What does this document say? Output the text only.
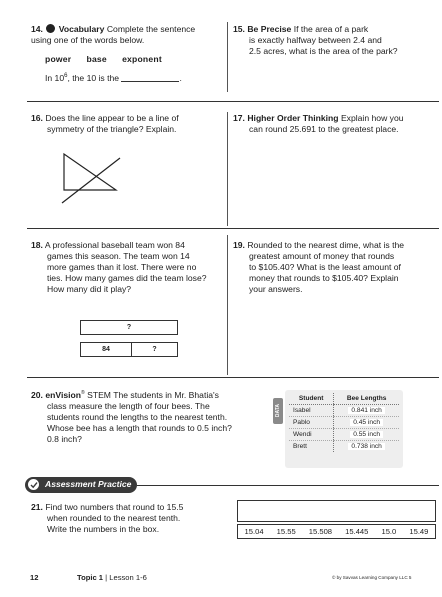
14. Vocabulary Complete the sentence
using one of the words below.
power base exponent
In $10^6$, the 10 is the	.
15. Be Precise If the area of a park
is exactly halfway between 2.4 and
2.5 acres, what is the area of the park?
16. Does the line appear to be a line of
symmetry of the triangle? Explain.
17. Higher Order Thinking Explain how you
can round 25.691 to the greatest place.
18. A professional baseball team won 84
games this season. The team won 14
more games than it lost. There were no
ties. How many games did the team lose?
How many did it play?
?
84	?
19. Rounded to the nearest dime, what is the
greatest amount of money that rounds
to $105.40? What is the least amount of
money that rounds to $105.40? Explain
your answers.
20. enVision® STEM The students in Mr. Bhatia's
class measure the length of four bees. The
students round the lengths to the nearest tenth.
Whose bee has a length that rounds to 0.5 inch?
0.8 inch?
DATA
Student	Bee Lengths
Isabel	0.841 inch
Pablo	0.45 inch
Wendi	0.55 inch
Brett	0.738 inch
Assessment Practice
21. Find two numbers that round to 15.5
when rounded to the nearest tenth.
Write the numbers in the box.	15.04 15.55 15.508 15.445 15.0 15.49
12	Topic 1 | Lesson 1-6	© by Savvas Learning Company LLC 5
